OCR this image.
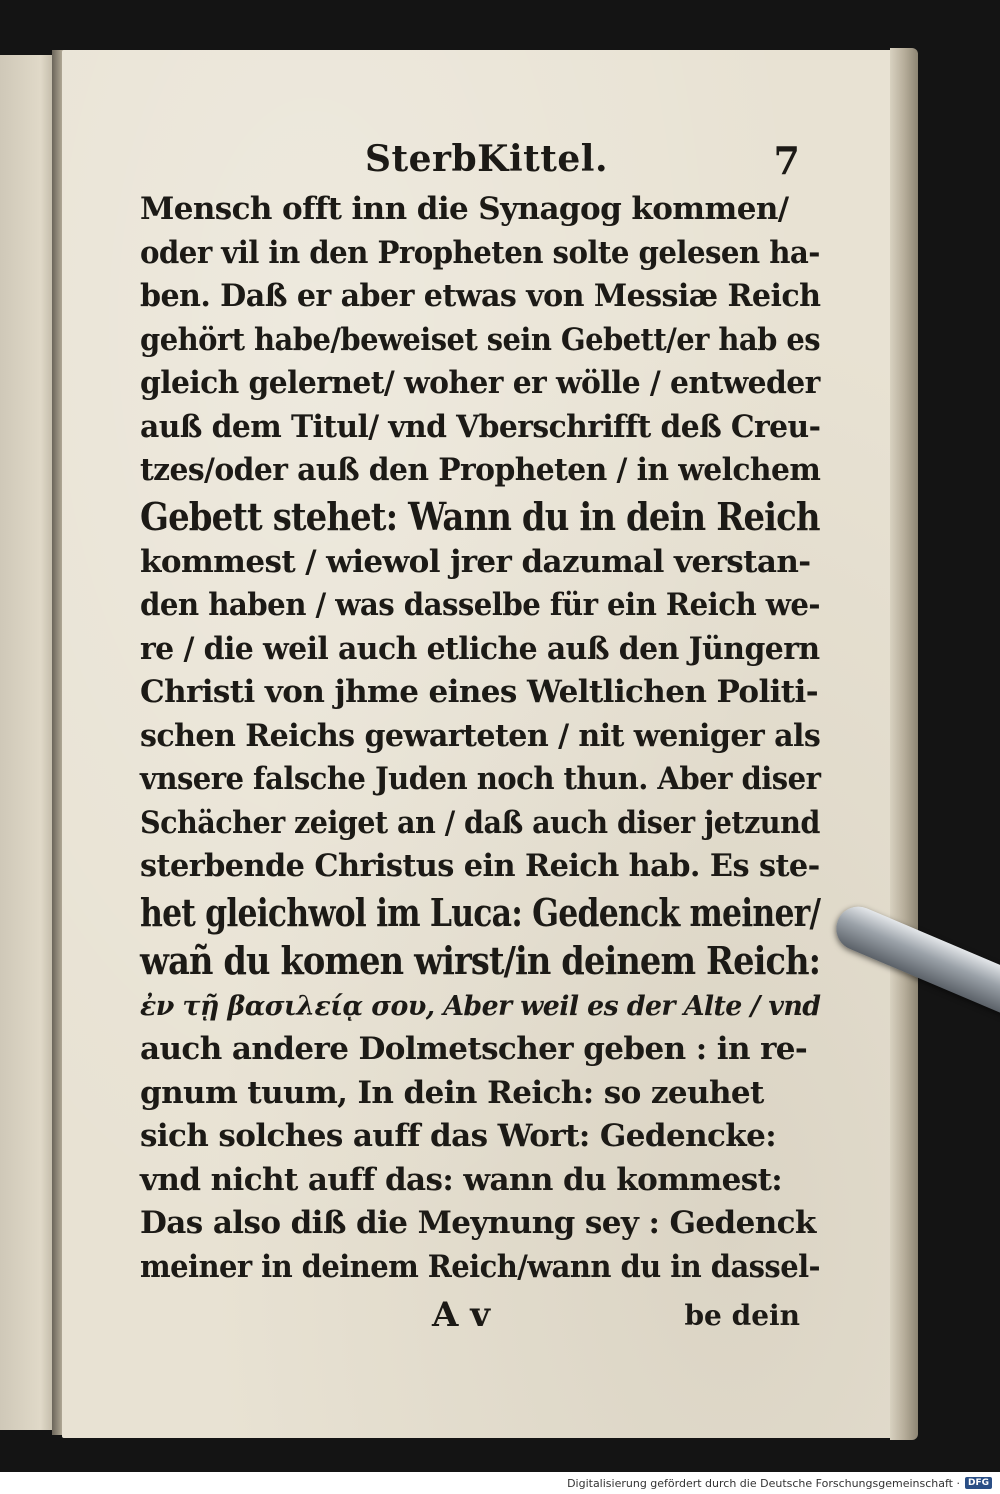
SterbKittel.	7
Mensch offt inn die Synagog kommen/
oder vil in den Propheten solte gelesen ha-
ben. Daß er aber etwas von Messiæ Reich
gehört habe/beweiset sein Gebett/er hab es
gleich gelernet/ woher er wölle / entweder
auß dem Titul/ vnd Vberschrifft deß Creu-
tzes/oder auß den Propheten / in welchem
Gebett stehet: Wann du in dein Reich
kommest / wiewol jrer dazumal verstan-
den haben / was dasselbe für ein Reich we-
re / die weil auch etliche auß den Jüngern
Christi von jhme eines Weltlichen Politi-
schen Reichs gewarteten / nit weniger als
vnsere falsche Juden noch thun. Aber diser
Schächer zeiget an / daß auch diser jetzund
sterbende Christus ein Reich hab. Es ste-
het gleichwol im Luca: Gedenck meiner/
wañ du komen wirst/in deinem Reich:
ἐν τῇ βασιλείᾳ σου, Aber weil es der Alte / vnd
auch andere Dolmetscher geben : in re-
gnum tuum, In dein Reich: so zeuhet
sich solches auff das Wort: Gedencke:
vnd nicht auff das: wann du kommest:
Das also diß die Meynung sey : Gedenck
meiner in deinem Reich/wann du in dassel-
A v	be dein
Digitalisierung gefördert durch die Deutsche Forschungsgemeinschaft · DFG
